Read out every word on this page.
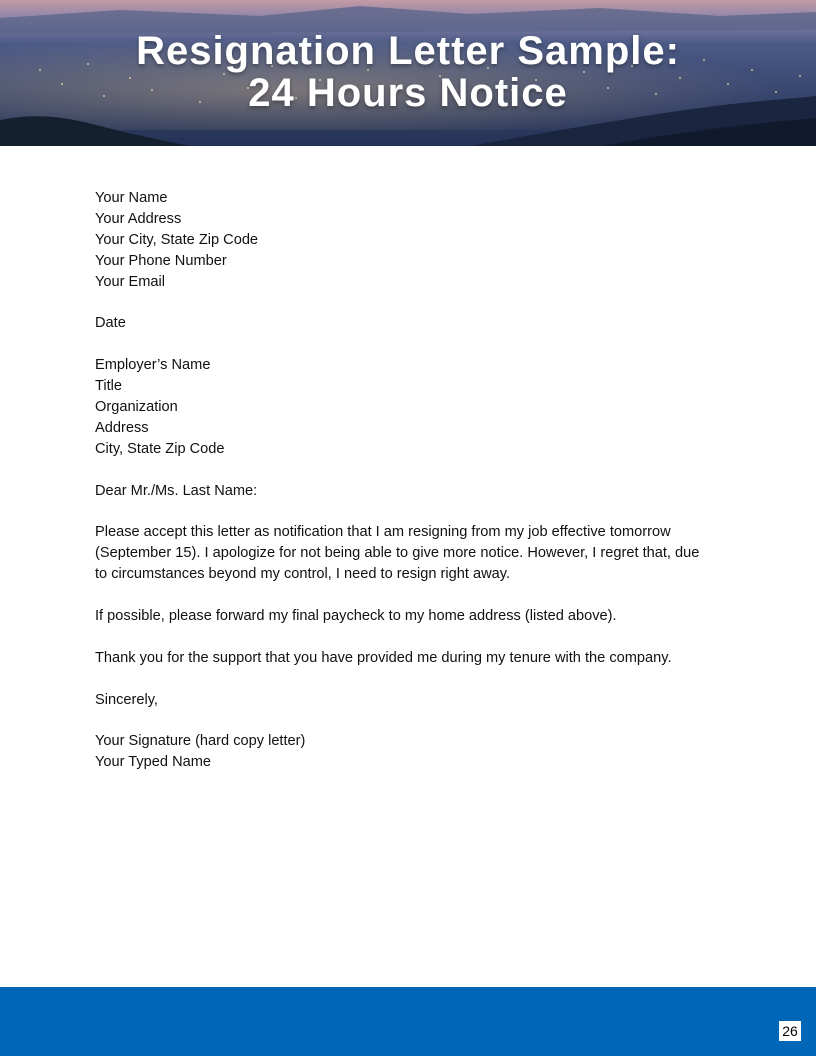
Resignation Letter Sample:
24 Hours Notice

Your Name
Your Address
Your City, State Zip Code
Your Phone Number
Your Email

Date

Employer’s Name
Title
Organization
Address
City, State Zip Code

Dear Mr./Ms. Last Name:

Please accept this letter as notification that I am resigning from my job effective tomorrow (September 15). I apologize for not being able to give more notice. However, I regret that, due to circumstances beyond my control, I need to resign right away.

If possible, please forward my final paycheck to my home address (listed above).

Thank you for the support that you have provided me during my tenure with the company.

Sincerely,

Your Signature (hard copy letter)
Your Typed Name

26
